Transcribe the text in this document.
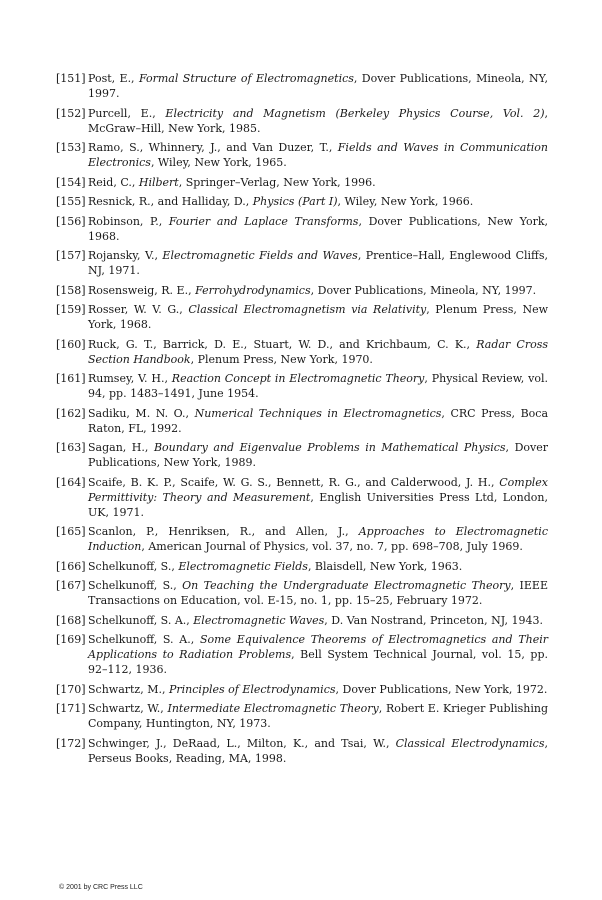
[151] Post, E., Formal Structure of Electromagnetics, Dover Publications, Mineola, NY, 1997.
[152] Purcell, E., Electricity and Magnetism (Berkeley Physics Course, Vol. 2), McGraw–Hill, New York, 1985.
[153] Ramo, S., Whinnery, J., and Van Duzer, T., Fields and Waves in Communication Electronics, Wiley, New York, 1965.
[154] Reid, C., Hilbert, Springer–Verlag, New York, 1996.
[155] Resnick, R., and Halliday, D., Physics (Part I), Wiley, New York, 1966.
[156] Robinson, P., Fourier and Laplace Transforms, Dover Publications, New York, 1968.
[157] Rojansky, V., Electromagnetic Fields and Waves, Prentice–Hall, Englewood Cliffs, NJ, 1971.
[158] Rosensweig, R. E., Ferrohydrodynamics, Dover Publications, Mineola, NY, 1997.
[159] Rosser, W. V. G., Classical Electromagnetism via Relativity, Plenum Press, New York, 1968.
[160] Ruck, G. T., Barrick, D. E., Stuart, W. D., and Krichbaum, C. K., Radar Cross Section Handbook, Plenum Press, New York, 1970.
[161] Rumsey, V. H., Reaction Concept in Electromagnetic Theory, Physical Review, vol. 94, pp. 1483–1491, June 1954.
[162] Sadiku, M. N. O., Numerical Techniques in Electromagnetics, CRC Press, Boca Raton, FL, 1992.
[163] Sagan, H., Boundary and Eigenvalue Problems in Mathematical Physics, Dover Publications, New York, 1989.
[164] Scaife, B. K. P., Scaife, W. G. S., Bennett, R. G., and Calderwood, J. H., Complex Permittivity: Theory and Measurement, English Universities Press Ltd, London, UK, 1971.
[165] Scanlon, P., Henriksen, R., and Allen, J., Approaches to Electromagnetic Induction, American Journal of Physics, vol. 37, no. 7, pp. 698–708, July 1969.
[166] Schelkunoff, S., Electromagnetic Fields, Blaisdell, New York, 1963.
[167] Schelkunoff, S., On Teaching the Undergraduate Electromagnetic Theory, IEEE Transactions on Education, vol. E-15, no. 1, pp. 15–25, February 1972.
[168] Schelkunoff, S. A., Electromagnetic Waves, D. Van Nostrand, Princeton, NJ, 1943.
[169] Schelkunoff, S. A., Some Equivalence Theorems of Electromagnetics and Their Applications to Radiation Problems, Bell System Technical Journal, vol. 15, pp. 92–112, 1936.
[170] Schwartz, M., Principles of Electrodynamics, Dover Publications, New York, 1972.
[171] Schwartz, W., Intermediate Electromagnetic Theory, Robert E. Krieger Publishing Company, Huntington, NY, 1973.
[172] Schwinger, J., DeRaad, L., Milton, K., and Tsai, W., Classical Electrodynamics, Perseus Books, Reading, MA, 1998.
© 2001 by CRC Press LLC
